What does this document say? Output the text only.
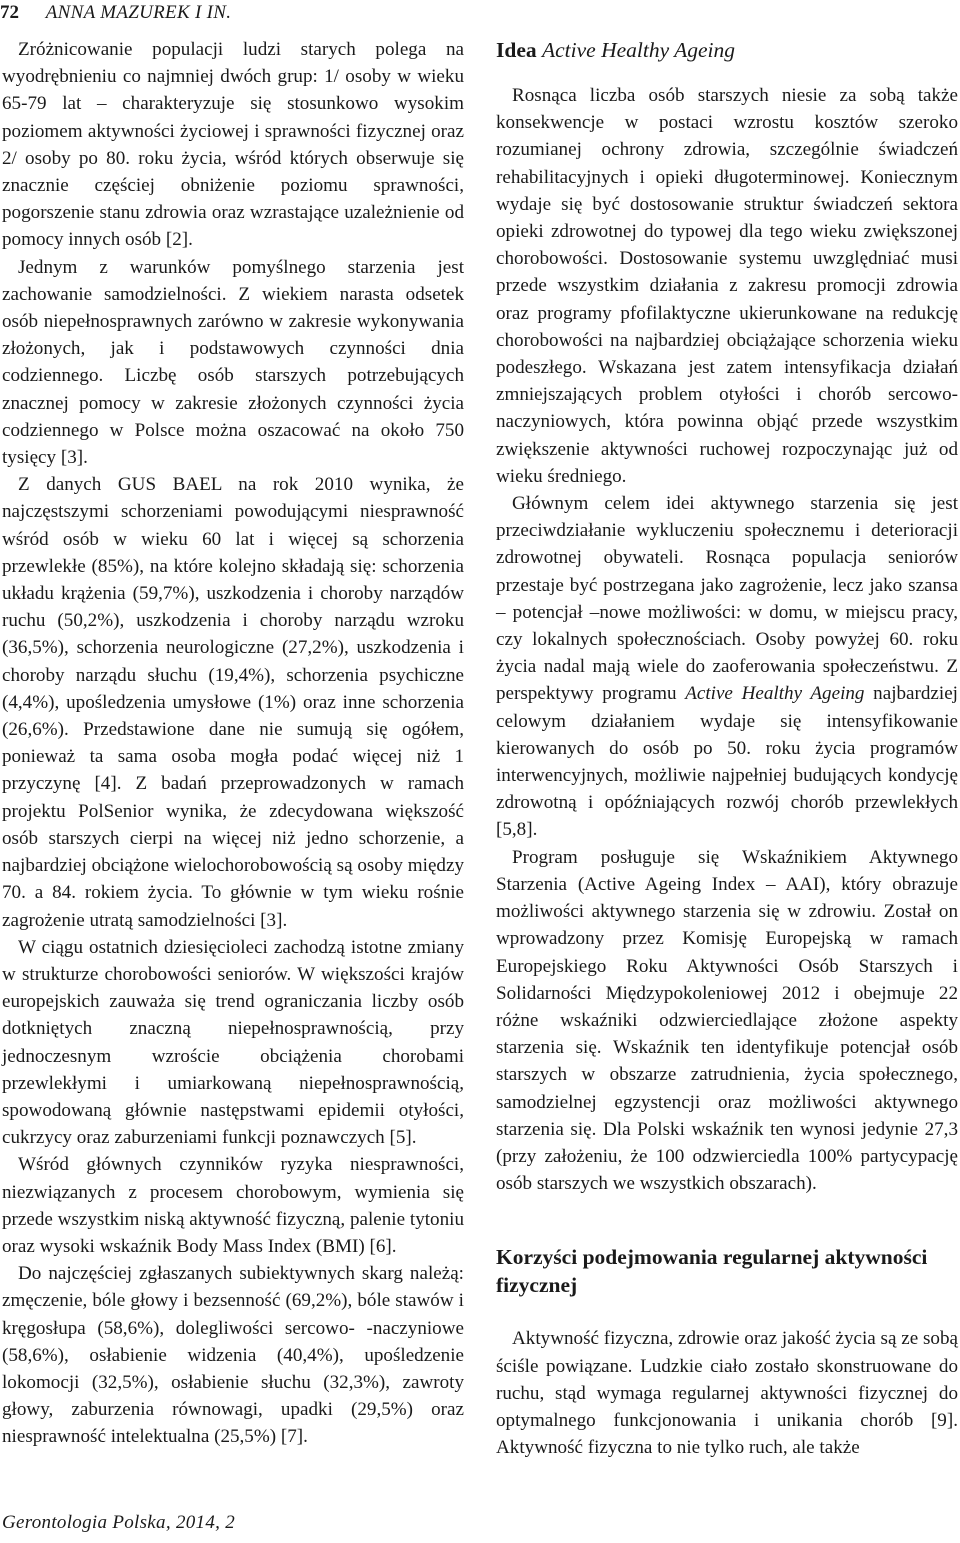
72 ANNA MAZUREK I IN.

Zróżnicowanie populacji ludzi starych polega na wyodrębnieniu co najmniej dwóch grup: 1/ osoby w wieku 65-79 lat – charakteryzuje się stosunkowo wysokim poziomem aktywności życiowej i sprawności fizycznej oraz 2/ osoby po 80. roku życia, wśród których obserwuje się znacznie częściej obniżenie poziomu sprawności, pogorszenie stanu zdrowia oraz wzrastające uzależnienie od pomocy innych osób [2].

Jednym z warunków pomyślnego starzenia jest zachowanie samodzielności. Z wiekiem narasta odsetek osób niepełnosprawnych zarówno w zakresie wykonywania złożonych, jak i podstawowych czynności dnia codziennego. Liczbę osób starszych potrzebujących znacznej pomocy w zakresie złożonych czynności życia codziennego w Polsce można oszacować na około 750 tysięcy [3].

Z danych GUS BAEL na rok 2010 wynika, że najczęstszymi schorzeniami powodującymi niesprawność wśród osób w wieku 60 lat i więcej są schorzenia przewlekłe (85%), na które kolejno składają się: schorzenia układu krążenia (59,7%), uszkodzenia i choroby narządów ruchu (50,2%), uszkodzenia i choroby narządu wzroku (36,5%), schorzenia neurologiczne (27,2%), uszkodzenia i choroby narządu słuchu (19,4%), schorzenia psychiczne (4,4%), upośledzenia umysłowe (1%) oraz inne schorzenia (26,6%). Przedstawione dane nie sumują się ogółem, ponieważ ta sama osoba mogła podać więcej niż 1 przyczynę [4]. Z badań przeprowadzonych w ramach projektu PolSenior wynika, że zdecydowana większość osób starszych cierpi na więcej niż jedno schorzenie, a najbardziej obciążone wielochorobowością są osoby między 70. a 84. rokiem życia. To głównie w tym wieku rośnie zagrożenie utratą samodzielności [3].

W ciągu ostatnich dziesięcioleci zachodzą istotne zmiany w strukturze chorobowości seniorów. W większości krajów europejskich zauważa się trend ograniczania liczby osób dotkniętych znaczną niepełnosprawnością, przy jednoczesnym wzroście obciążenia chorobami przewlekłymi i umiarkowaną niepełnosprawnością, spowodowaną głównie następstwami epidemii otyłości, cukrzycy oraz zaburzeniami funkcji poznawczych [5].

Wśród głównych czynników ryzyka niesprawności, niezwiązanych z procesem chorobowym, wymienia się przede wszystkim niską aktywność fizyczną, palenie tytoniu oraz wysoki wskaźnik Body Mass Index (BMI) [6].

Do najczęściej zgłaszanych subiektywnych skarg należą: zmęczenie, bóle głowy i bezsenność (69,2%), bóle stawów i kręgosłupa (58,6%), dolegliwości sercowo- -naczyniowe (58,6%), osłabienie widzenia (40,4%), upośledzenie lokomocji (32,5%), osłabienie słuchu (32,3%), zawroty głowy, zaburzenia równowagi, upadki (29,5%) oraz niesprawność intelektualna (25,5%) [7].

Idea Active Healthy Ageing

Rosnąca liczba osób starszych niesie za sobą także konsekwencje w postaci wzrostu kosztów szeroko rozumianej ochrony zdrowia, szczególnie świadczeń rehabilitacyjnych i opieki długoterminowej. Koniecznym wydaje się być dostosowanie struktur świadczeń sektora opieki zdrowotnej do typowej dla tego wieku zwiększonej chorobowości. Dostosowanie systemu uwzględniać musi przede wszystkim działania z zakresu promocji zdrowia oraz programy pfofilaktyczne ukierunkowane na redukcję chorobowości na najbardziej obciążające schorzenia wieku podeszłego. Wskazana jest zatem intensyfikacja działań zmniejszających problem otyłości i chorób sercowo-naczyniowych, która powinna objąć przede wszystkim zwiększenie aktywności ruchowej rozpoczynając już od wieku średniego.

Głównym celem idei aktywnego starzenia się jest przeciwdziałanie wykluczeniu społecznemu i deterioracji zdrowotnej obywateli. Rosnąca populacja seniorów przestaje być postrzegana jako zagrożenie, lecz jako szansa – potencjał –nowe możliwości: w domu, w miejscu pracy, czy lokalnych społecznościach. Osoby powyżej 60. roku życia nadal mają wiele do zaoferowania społeczeństwu. Z perspektywy programu Active Healthy Ageing najbardziej celowym działaniem wydaje się intensyfikowanie kierowanych do osób po 50. roku życia programów interwencyjnych, możliwie najpełniej budujących kondycję zdrowotną i opóźniających rozwój chorób przewlekłych [5,8].

Program posługuje się Wskaźnikiem Aktywnego Starzenia (Active Ageing Index – AAI), który obrazuje możliwości aktywnego starzenia się w zdrowiu. Został on wprowadzony przez Komisję Europejską w ramach Europejskiego Roku Aktywności Osób Starszych i Solidarności Międzypokoleniowej 2012 i obejmuje 22 różne wskaźniki odzwierciedlające złożone aspekty starzenia się. Wskaźnik ten identyfikuje potencjał osób starszych w obszarze zatrudnienia, życia społecznego, samodzielnej egzystencji oraz możliwości aktywnego starzenia się. Dla Polski wskaźnik ten wynosi jedynie 27,3 (przy założeniu, że 100 odzwierciedla 100% partycypację osób starszych we wszystkich obszarach).

Korzyści podejmowania regularnej aktywności fizycznej

Aktywność fizyczna, zdrowie oraz jakość życia są ze sobą ściśle powiązane. Ludzkie ciało zostało skonstruowane do ruchu, stąd wymaga regularnej aktywności fizycznej do optymalnego funkcjonowania i unikania chorób [9]. Aktywność fizyczna to nie tylko ruch, ale także

Gerontologia Polska, 2014, 2
